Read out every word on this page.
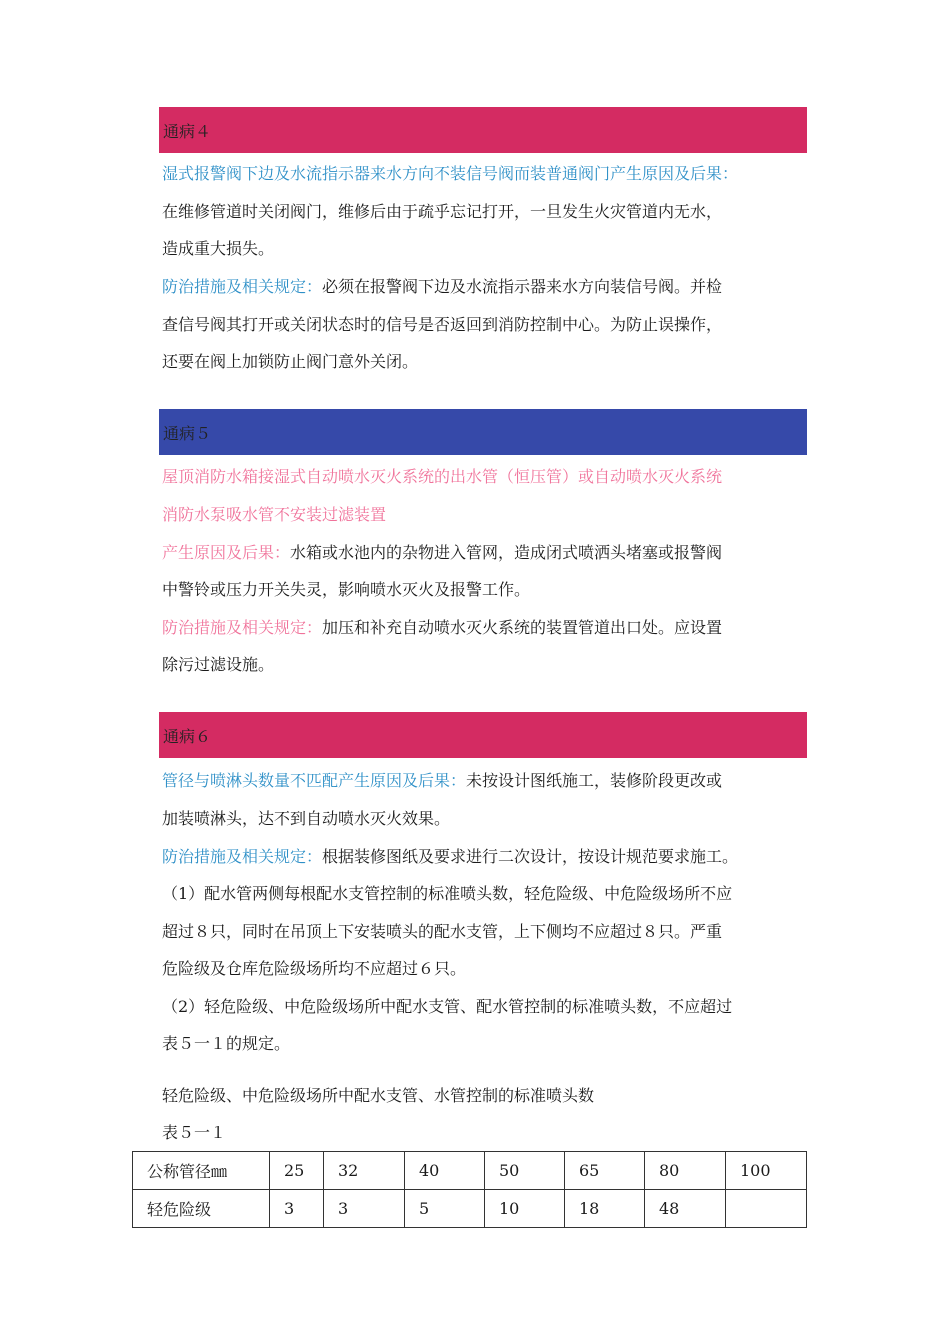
通病４
湿式报警阀下边及水流指示器来水方向不装信号阀而装普通阀门产生原因及后果：
在维修管道时关闭阀门，维修后由于疏乎忘记打开，一旦发生火灾管道内无水，
造成重大损失。
防治措施及相关规定：必须在报警阀下边及水流指示器来水方向装信号阀。并检
查信号阀其打开或关闭状态时的信号是否返回到消防控制中心。为防止误操作，
还要在阀上加锁防止阀门意外关闭。
通病５
屋顶消防水箱接湿式自动喷水灭火系统的出水管（恒压管）或自动喷水灭火系统
消防水泵吸水管不安装过滤装置
产生原因及后果：水箱或水池内的杂物进入管网，造成闭式喷洒头堵塞或报警阀
中警铃或压力开关失灵，影响喷水灭火及报警工作。
防治措施及相关规定：加压和补充自动喷水灭火系统的装置管道出口处。应设置
除污过滤设施。
通病６
管径与喷淋头数量不匹配产生原因及后果：未按设计图纸施工，装修阶段更改或
加装喷淋头，达不到自动喷水灭火效果。
防治措施及相关规定：根据装修图纸及要求进行二次设计，按设计规范要求施工。
（1）配水管两侧每根配水支管控制的标准喷头数，轻危险级、中危险级场所不应
超过８只，同时在吊顶上下安装喷头的配水支管，上下侧均不应超过８只。严重
危险级及仓库危险级场所均不应超过６只。
（2）轻危险级、中危险级场所中配水支管、配水管控制的标准喷头数，不应超过
表５一１的规定。
轻危险级、中危险级场所中配水支管、水管控制的标准喷头数
表５一１
公称管径㎜	25	32	40	50	65	80	100
轻危险级	3	3	5	10	18	48	
